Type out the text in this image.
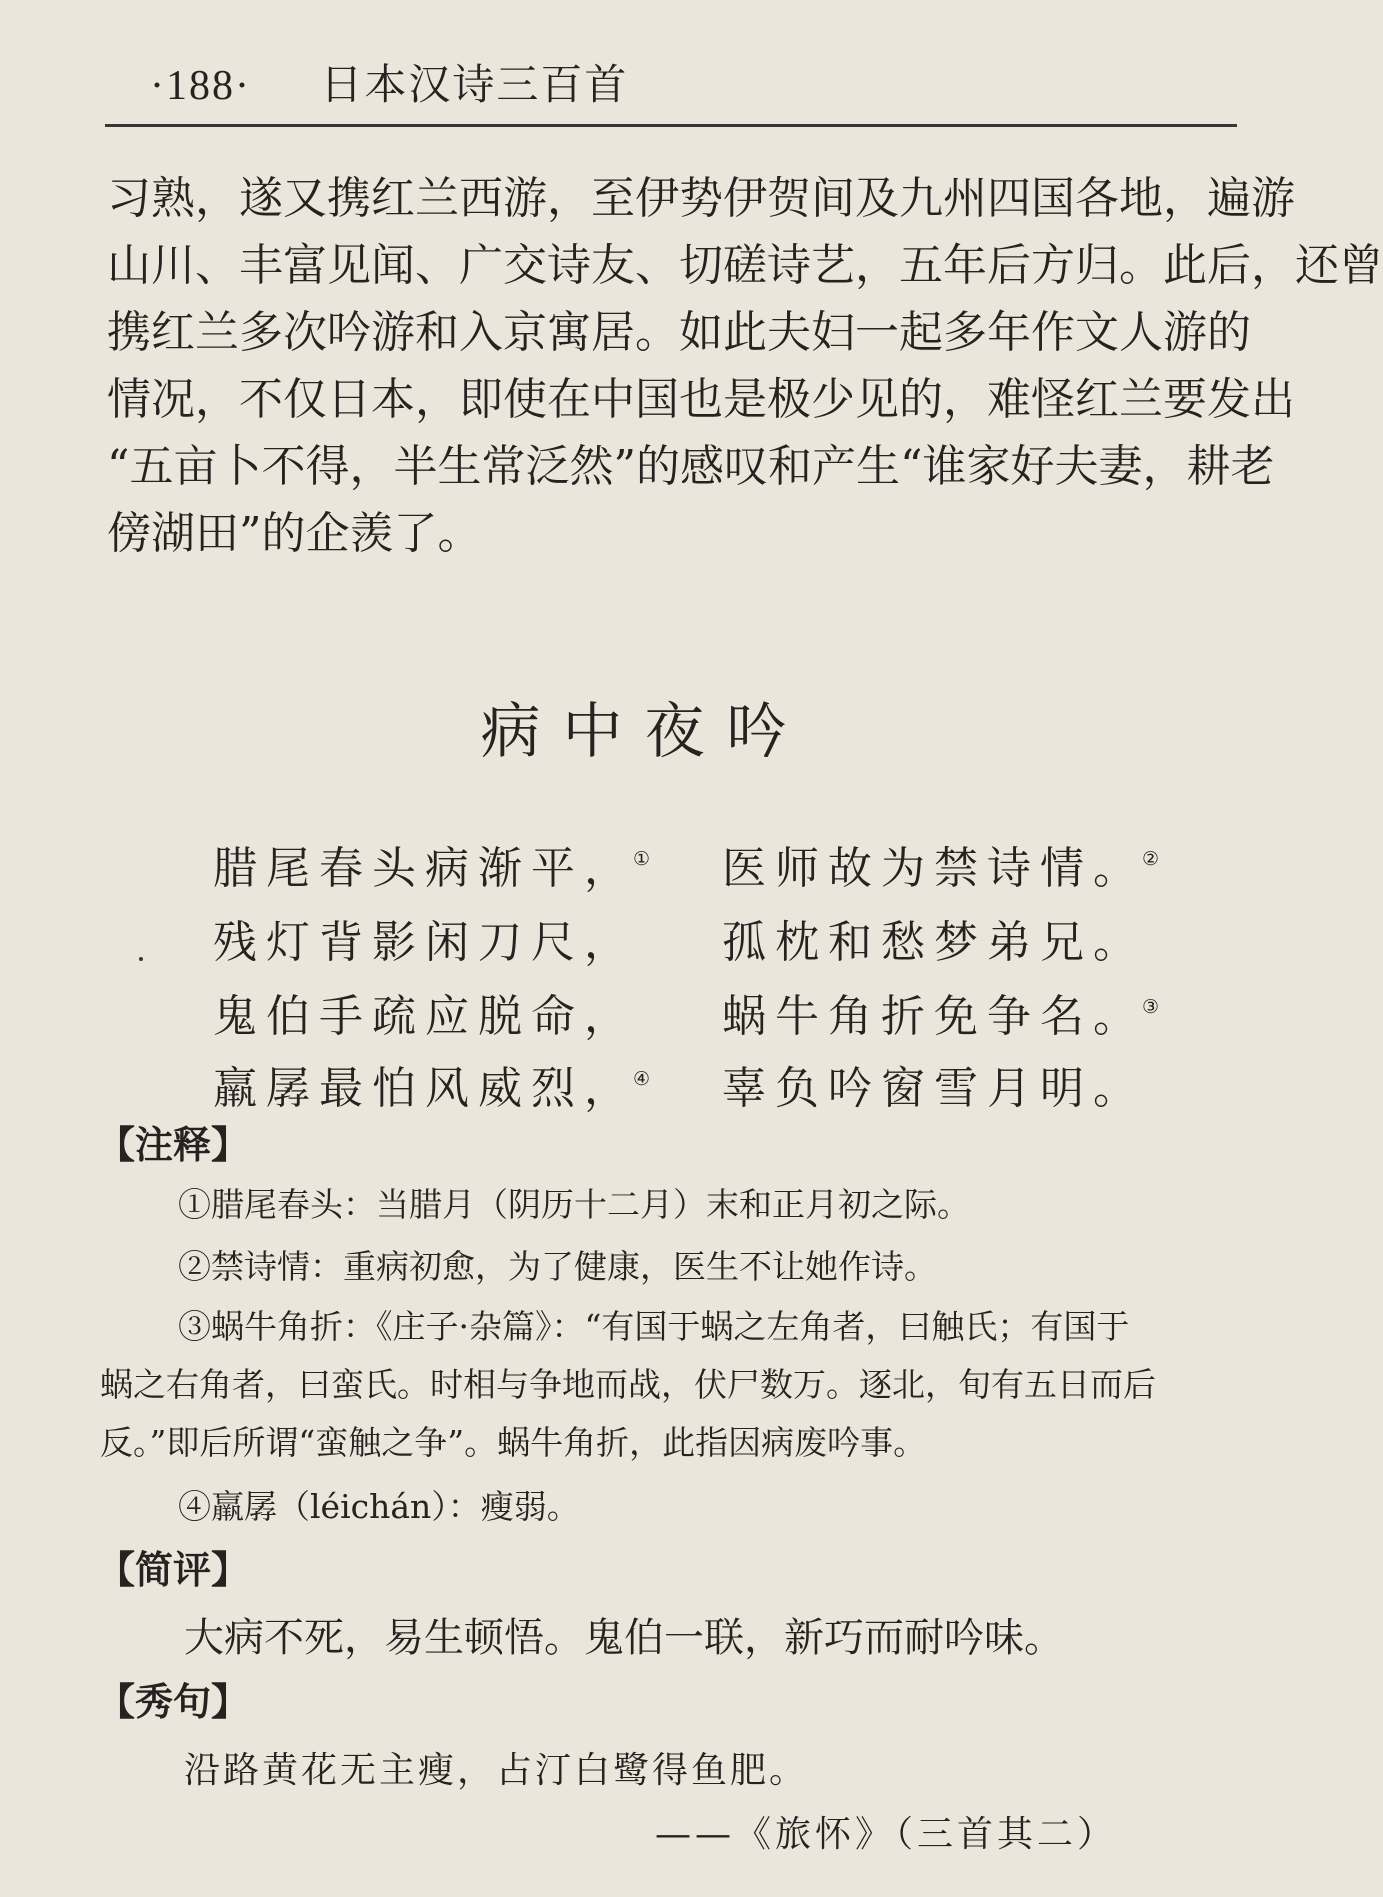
·188· 日本汉诗三百首
习熟，遂又携红兰西游，至伊势伊贺间及九州四国各地，遍游
山川、丰富见闻、广交诗友、切磋诗艺，五年后方归。此后，还曾
携红兰多次吟游和入京寓居。如此夫妇一起多年作文人游的
情况，不仅日本，即使在中国也是极少见的，难怪红兰要发出
“五亩卜不得，半生常泛然”的感叹和产生“谁家好夫妻，耕老
傍湖田”的企羡了。
病中夜吟
腊尾春头病渐平，① 医师故为禁诗情。②
残灯背影闲刀尺， 孤枕和愁梦弟兄。
鬼伯手疏应脱命， 蜗牛角折免争名。③
羸孱最怕风威烈，④ 辜负吟窗雪月明。
【注释】
①腊尾春头：当腊月（阴历十二月）末和正月初之际。
②禁诗情：重病初愈，为了健康，医生不让她作诗。
③蜗牛角折：《庄子·杂篇》：“有国于蜗之左角者，曰触氏；有国于
蜗之右角者，曰蛮氏。时相与争地而战，伏尸数万。逐北，旬有五日而后
反。”即后所谓“蛮触之争”。蜗牛角折，此指因病废吟事。
④羸孱（léichán）：瘦弱。
【简评】
大病不死，易生顿悟。鬼伯一联，新巧而耐吟味。
【秀句】
沿路黄花无主瘦，占汀白鹭得鱼肥。
——《旅怀》（三首其二）
